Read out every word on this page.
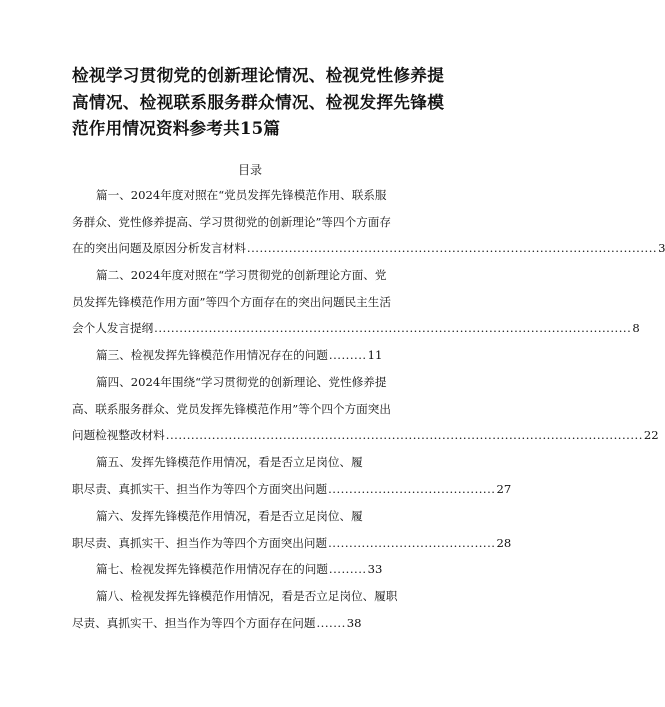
检视学习贯彻党的创新理论情况、检视党性修养提高情况、检视联系服务群众情况、检视发挥先锋模范作用情况资料参考共15篇
目录
篇一、2024年度对照在“党员发挥先锋模范作用、联系服
务群众、党性修养提高、学习贯彻党的创新理论”等四个方面存
在的突出问题及原因分析发言材料 .................................................................................................. 3
篇二、2024年度对照在“学习贯彻党的创新理论方面、党
员发挥先锋模范作用方面”等四个方面存在的突出问题民主生活
会个人发言提纲 .................................................................................................................. 8
篇三、检视发挥先锋模范作用情况存在的问题 ......... 11
篇四、2024年围绕“学习贯彻党的创新理论、党性修养提
高、联系服务群众、党员发挥先锋模范作用”等个四个方面突出
问题检视整改材料 .................................................................................................................. 22
篇五、发挥先锋模范作用情况，看是否立足岗位、履
职尽责、真抓实干、担当作为等四个方面突出问题 ........................................ 27
篇六、发挥先锋模范作用情况，看是否立足岗位、履
职尽责、真抓实干、担当作为等四个方面突出问题 ........................................ 28
篇七、检视发挥先锋模范作用情况存在的问题 ......... 33
篇八、检视发挥先锋模范作用情况，看是否立足岗位、履职
尽责、真抓实干、担当作为等四个方面存在问题 ....... 38
